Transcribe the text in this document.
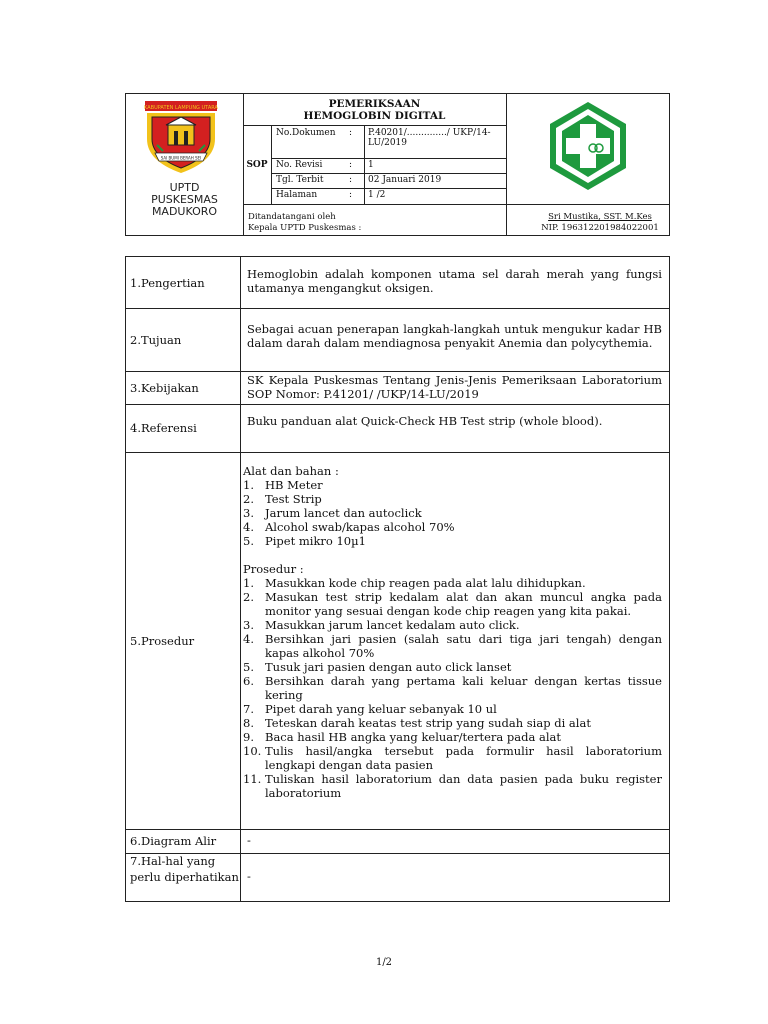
KABUPATEN LAMPUNG UTARA
SAI BUMI BERAH SEI
UPTD
PUSKESMAS
MADUKORO
PEMERIKSAAN
HEMOGLOBIN DIGITAL
SOP
No.Dokumen : P.40201/............../ UKP/14-LU/2019
No. Revisi	: 1
Tgl. Terbit	: 02 Januari 2019
Halaman	: 1 /2
Ditandatangani oleh
Kepala UPTD Puskesmas :
Sri Mustika, SST. M.Kes
NIP. 196312201984022001
1.Pengertian
Hemoglobin adalah komponen utama sel darah merah yang fungsi utamanya mengangkut oksigen.
2.Tujuan
Sebagai acuan penerapan langkah-langkah untuk mengukur kadar HB dalam darah dalam mendiagnosa penyakit Anemia dan polycythemia.
3.Kebijakan
SK Kepala Puskesmas Tentang Jenis-Jenis Pemeriksaan Laboratorium SOP Nomor: P.41201/ /UKP/14-LU/2019
4.Referensi	Buku panduan alat Quick-Check HB Test strip (whole blood).
5.Prosedur
Alat dan bahan :
1. HB Meter
2. Test Strip
3. Jarum lancet dan autoclick
4. Alcohol swab/kapas alcohol 70%
5. Pipet mikro 10µ1
Prosedur :
1. Masukkan kode chip reagen pada alat lalu dihidupkan.
2. Masukan test strip kedalam alat dan akan muncul angka pada monitor yang sesuai dengan kode chip reagen yang kita pakai.
3. Masukkan jarum lancet kedalam auto click.
4. Bersihkan jari pasien (salah satu dari tiga jari tengah) dengan kapas alkohol 70%
5. Tusuk jari pasien dengan auto click lanset
6. Bersihkan darah yang pertama kali keluar dengan kertas tissue kering
7. Pipet darah yang keluar sebanyak 10 ul
8. Teteskan darah keatas test strip yang sudah siap di alat
9. Baca hasil HB angka yang keluar/tertera pada alat
10. Tulis hasil/angka tersebut pada formulir hasil laboratorium lengkapi dengan data pasien
11. Tuliskan hasil laboratorium dan data pasien pada buku register laboratorium
6.Diagram Alir	-
7.Hal-hal yang perlu diperhatikan -
1/2
